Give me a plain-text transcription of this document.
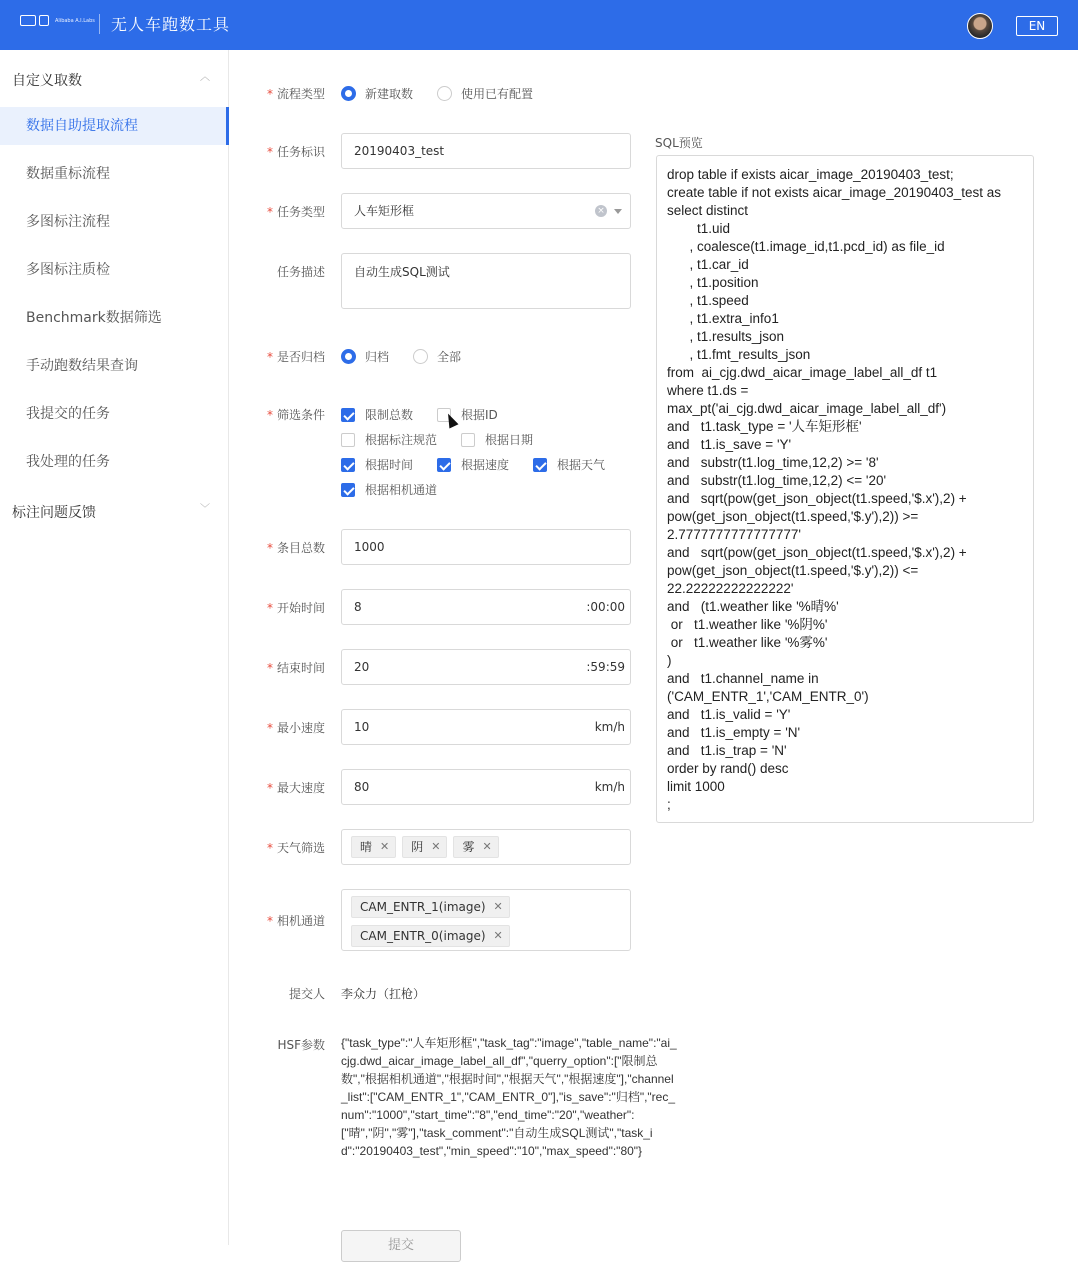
Alibaba A.I.Labs	无人车跑数工具	EN
自定义取数	︿
数据自助提取流程
数据重标流程
多图标注流程
多图标注质检
Benchmark数据筛选
手动跑数结果查询
我提交的任务
我处理的任务
标注问题反馈	﹀
* 流程类型	新建取数	使用已有配置
* 任务标识	20190403_test
* 任务类型	人车矩形框	×
任务描述	自动生成SQL测试
* 是否归档	归档	全部
* 筛选条件	限制总数	根据ID
根据标注规范	根据日期
根据时间	根据速度	根据天气
根据相机通道
* 条目总数	1000
* 开始时间	8	:00:00
* 结束时间	20	:59:59
* 最小速度	10	km/h
* 最大速度	80	km/h
* 天气筛选	晴 ✕ 阴 ✕ 雾 ✕
* 相机通道
CAM_ENTR_1(image) ✕
CAM_ENTR_0(image) ✕
提交人 李众力（扛枪）
HSF参数 {"task_type":"人车矩形框","task_tag":"image","table_name":"ai_cjg.dwd_aicar_image_label_all_df","querry_option":["限制总数","根据相机通道","根据时间","根据天气","根据速度"],"channel_list":["CAM_ENTR_1","CAM_ENTR_0"],"is_save":"归档","rec_num":"1000","start_time":"8","end_time":"20","weather":["晴","阴","雾"],"task_comment":"自动生成SQL测试","task_id":"20190403_test","min_speed":"10","max_speed":"80"}
提交
SQL预览
drop table if exists aicar_image_20190403_test;
create table if not exists aicar_image_20190403_test as
select distinct
t1.uid
, coalesce(t1.image_id,t1.pcd_id) as file_id
, t1.car_id
, t1.position
, t1.speed
, t1.extra_info1
, t1.results_json
, t1.fmt_results_json
from  ai_cjg.dwd_aicar_image_label_all_df t1
where t1.ds =
max_pt('ai_cjg.dwd_aicar_image_label_all_df')
and   t1.task_type = '人车矩形框'
and   t1.is_save = 'Y'
and   substr(t1.log_time,12,2) >= '8'
and   substr(t1.log_time,12,2) <= '20'
and   sqrt(pow(get_json_object(t1.speed,'$.x'),2) +
pow(get_json_object(t1.speed,'$.y'),2)) >=
2.7777777777777777'
and   sqrt(pow(get_json_object(t1.speed,'$.x'),2) +
pow(get_json_object(t1.speed,'$.y'),2)) <=
22.22222222222222'
and   (t1.weather like '%晴%'
or   t1.weather like '%阴%'
or   t1.weather like '%雾%'
)
and   t1.channel_name in
('CAM_ENTR_1','CAM_ENTR_0')
and   t1.is_valid = 'Y'
and   t1.is_empty = 'N'
and   t1.is_trap = 'N'
order by rand() desc
limit 1000
;
